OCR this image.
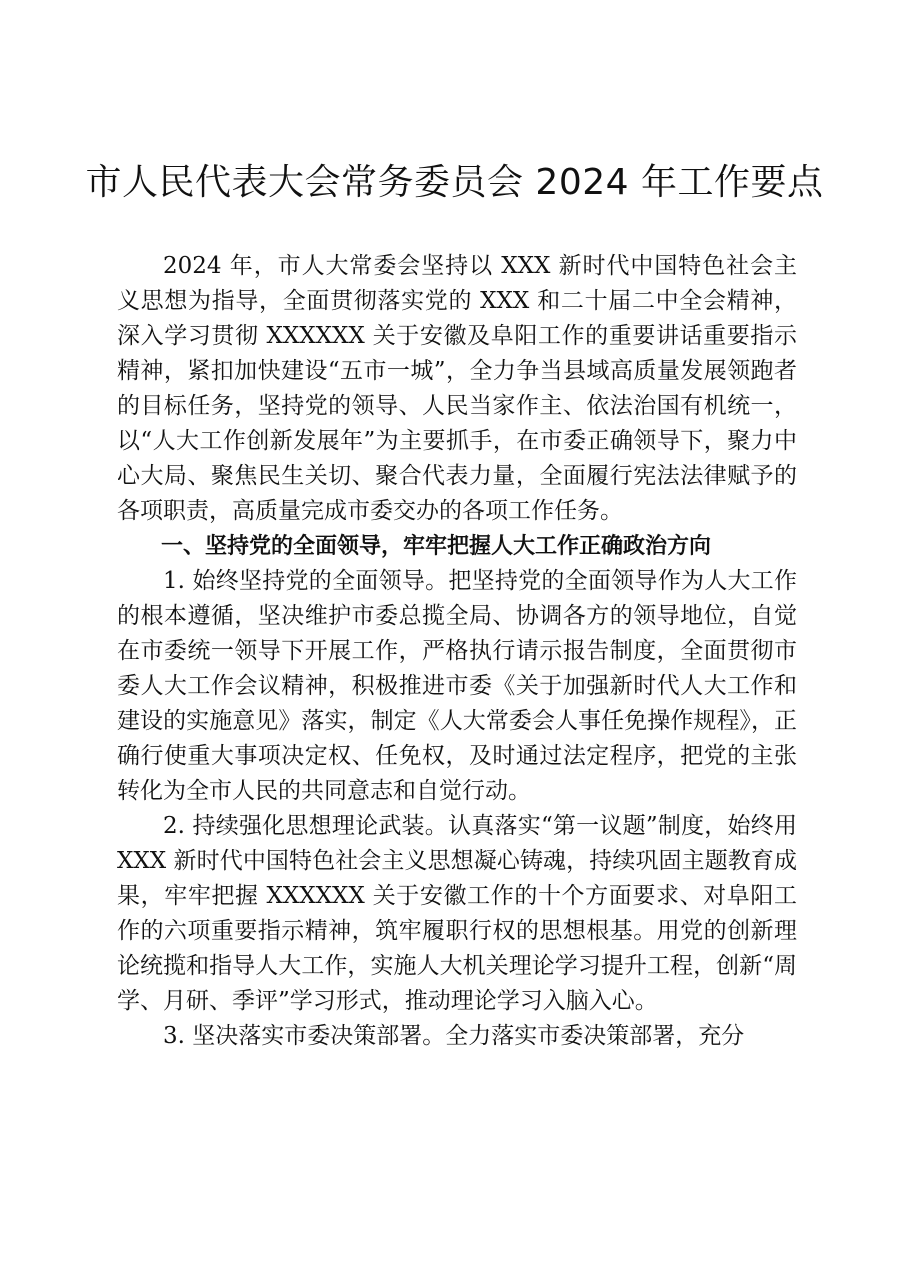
市人民代表大会常务委员会 2024 年工作要点

2024 年，市人大常委会坚持以 XXX 新时代中国特色社会主义思想为指导，全面贯彻落实党的 XXX 和二十届二中全会精神，深入学习贯彻 XXXXXX 关于安徽及阜阳工作的重要讲话重要指示精神，紧扣加快建设“五市一城”，全力争当县域高质量发展领跑者的目标任务，坚持党的领导、人民当家作主、依法治国有机统一，以“人大工作创新发展年”为主要抓手，在市委正确领导下，聚力中心大局、聚焦民生关切、聚合代表力量，全面履行宪法法律赋予的各项职责，高质量完成市委交办的各项工作任务。

一、坚持党的全面领导，牢牢把握人大工作正确政治方向

1. 始终坚持党的全面领导。把坚持党的全面领导作为人大工作的根本遵循，坚决维护市委总揽全局、协调各方的领导地位，自觉在市委统一领导下开展工作，严格执行请示报告制度，全面贯彻市委人大工作会议精神，积极推进市委《关于加强新时代人大工作和建设的实施意见》落实，制定《人大常委会人事任免操作规程》，正确行使重大事项决定权、任免权，及时通过法定程序，把党的主张转化为全市人民的共同意志和自觉行动。

2. 持续强化思想理论武装。认真落实“第一议题”制度，始终用 XXX 新时代中国特色社会主义思想凝心铸魂，持续巩固主题教育成果，牢牢把握 XXXXXX 关于安徽工作的十个方面要求、对阜阳工作的六项重要指示精神，筑牢履职行权的思想根基。用党的创新理论统揽和指导人大工作，实施人大机关理论学习提升工程，创新“周学、月研、季评”学习形式，推动理论学习入脑入心。

3. 坚决落实市委决策部署。全力落实市委决策部署，充分
